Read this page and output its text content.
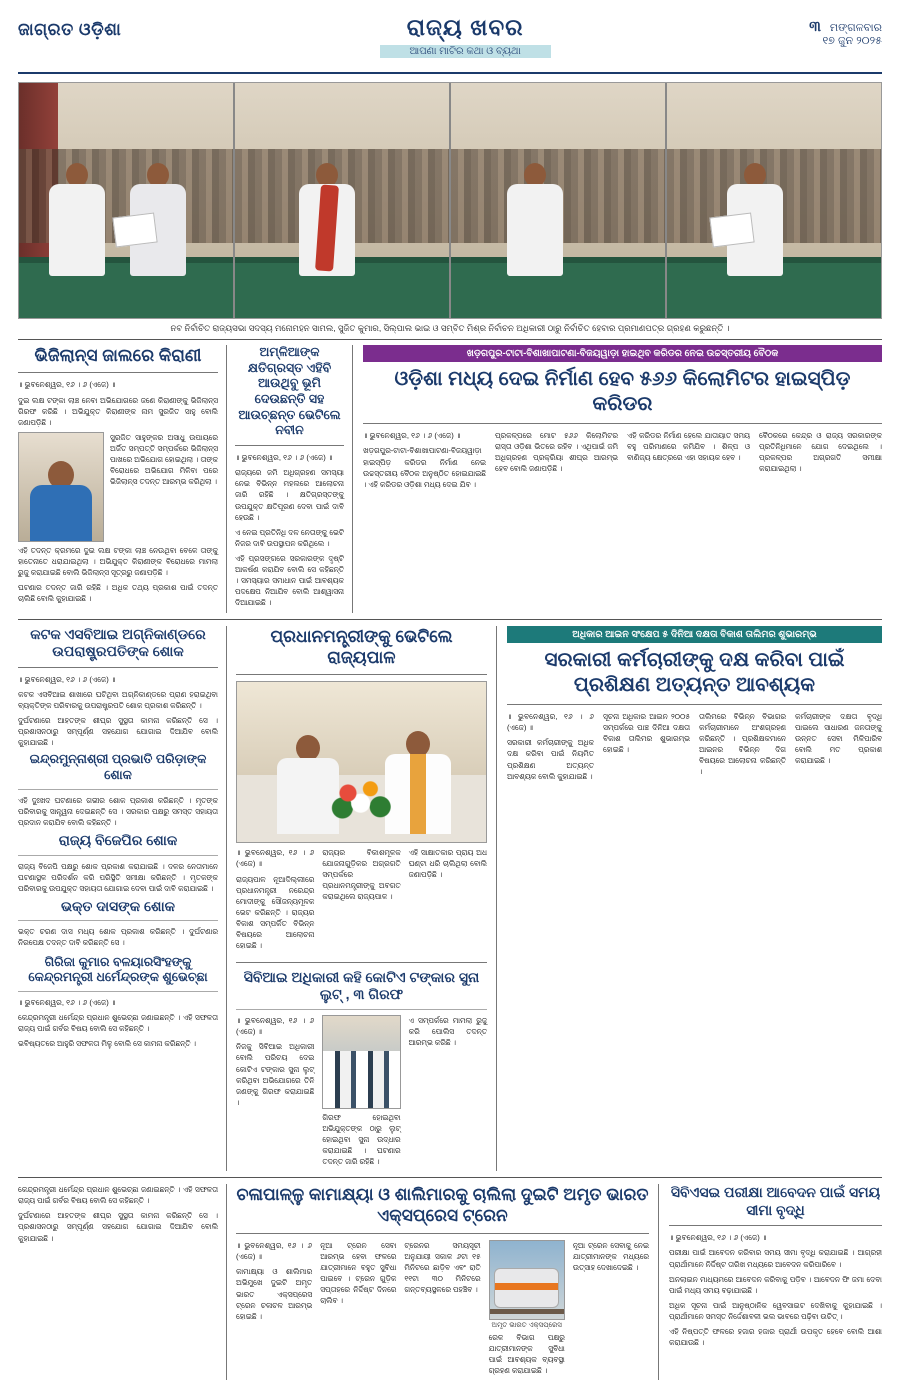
ଜାଗ୍ରତ ଓଡ଼ିଶା	ରାଜ୍ୟ ଖବର
ଆପଣା ମାଟିର କଥା ଓ ବ୍ୟଥା
୩ ମଙ୍ଗଳବାର
୧୭ ଜୁନ ୨୦୨୫
ନବ ନିର୍ବାଚିତ ରାଜ୍ୟସଭା ସଦସ୍ୟ ମନୋମହନ ସାମଲ, ସୁଜିତ କୁମାର, ସିଲ୍ପାଲ ଭାଇ ଓ ସମ୍ବିତ ମିଶ୍ର ନିର୍ବାଚନ ଅଧିକାରୀ ଠାରୁ ନିର୍ବାଚିତ ହେବାର ପ୍ରମାଣପତ୍ର ଗ୍ରହଣ କରୁଛନ୍ତି ।
ଭିଜିଲାନ୍ସ ଜାଲରେ କିରାଣୀ

॥ ଭୁବନେଶ୍ୱର, ୧୬ । ୬ (ଏଜେ) ॥

ଦୁଇ ଲକ୍ଷ ଟଙ୍କା ଲାଞ୍ଚ ନେବା ଅଭିଯୋଗରେ ଜଣେ କିରାଣୀଙ୍କୁ ଭିଜିଲାନ୍ସ ଗିରଫ କରିଛି । ଅଭିଯୁକ୍ତ କିରାଣୀଙ୍କ ନାମ ସୁରଜିତ ସାହୁ ବୋଲି ଜଣାପଡ଼ିଛି ।

ସୁରଜିତ ସାହୁଙ୍କର ଅସାଧୁ ଉପାୟରେ ଅର୍ଜିତ ସମ୍ପତ୍ତି ସମ୍ପର୍କରେ ଭିଜିଲାନ୍ସ ପାଖରେ ଅଭିଯୋଗ ହୋଇଥିଲା । ତାଙ୍କ ବିରୋଧରେ ଅଭିଯୋଗ ମିଳିବା ପରେ ଭିଜିଲାନ୍ସ ତଦନ୍ତ ଆରମ୍ଭ କରିଥିଲା ।

ଏହି ତଦନ୍ତ କ୍ରମରେ ଦୁଇ ଲକ୍ଷ ଟଙ୍କା ଲାଞ୍ଚ ନେଉଥିବା ବେଳେ ତାଙ୍କୁ ହାତେନାତେ ଧରାଯାଇଥିଲା । ଅଭିଯୁକ୍ତ କିରାଣୀଙ୍କ ବିରୋଧରେ ମାମଲା ରୁଜୁ କରାଯାଇଛି ବୋଲି ଭିଜିଲାନ୍ସ ସୂତ୍ରରୁ ଜଣାପଡ଼ିଛି ।

ଘଟଣାର ତଦନ୍ତ ଜାରି ରହିଛି । ଅଧିକ ତଥ୍ୟ ପ୍ରକାଶ ପାଇଁ ତଦନ୍ତ ଚାଲିଛି ବୋଲି କୁହାଯାଇଛି ।

ଅମ୍ଳିଆଙ୍କ କ୍ଷତିଗ୍ରସ୍ତ ଏହିବି ଆଉଥିବୁ ଭୂମି ଦେଉଛନ୍ତି ସହ ଆଉଚ୍ଛନ୍ତ ଭେଟିଲେ ନବୀନ

॥ ଭୁବନେଶ୍ୱର, ୧୬ । ୬ (ଏଜେ) ॥

ରାଜ୍ୟରେ ଜମି ଅଧିଗ୍ରହଣ ସମସ୍ୟା ନେଇ ବିଭିନ୍ନ ମହଲରେ ଆଲୋଚନା ଜାରି ରହିଛି । କ୍ଷତିଗ୍ରସ୍ତଙ୍କୁ ଉପଯୁକ୍ତ କ୍ଷତିପୂରଣ ଦେବା ପାଇଁ ଦାବି ହେଉଛି ।

ଏ ନେଇ ପ୍ରତିନିଧି ଦଳ ନେତାଙ୍କୁ ଭେଟି ନିଜର ଦାବି ଉପସ୍ଥାପନ କରିଥିଲେ ।

ଏହି ପ୍ରସଙ୍ଗରେ ସରକାରଙ୍କ ଦୃଷ୍ଟି ଆକର୍ଷଣ କରାଯିବ ବୋଲି ସେ କହିଛନ୍ତି । ସମସ୍ୟାର ସମାଧାନ ପାଇଁ ଆବଶ୍ୟକ ପଦକ୍ଷେପ ନିଆଯିବ ବୋଲି ଆଶ୍ୱାସନା ଦିଆଯାଇଛି ।

ଖଡ଼ଗପୁର-ଟାଟା-ବିଶାଖାପାଟଣା-ବିଜୟୱାଡ଼ା ହାଇଥିବ କରିଡର ନେଇ ଉଚ୍ଚସ୍ତରୀୟ ବୈଠକ
ଓଡ଼ିଶା ମଧ୍ୟ ଦେଇ ନିର୍ମାଣ ହେବ ୫୬୬ କିଲୋମିଟର ହାଇସ୍ପିଡ଼ କରିଡର

॥ ଭୁବନେଶ୍ୱର, ୧୬ । ୬ (ଏଜେ) ॥

ଖଡ଼ଗପୁର-ଟାଟା-ବିଶାଖାପାଟଣା-ବିଜୟୱାଡ଼ା ହାଇସ୍ପିଡ଼ କରିଡର ନିର୍ମାଣ ନେଇ ଉଚ୍ଚସ୍ତରୀୟ ବୈଠକ ଅନୁଷ୍ଠିତ ହୋଇଯାଇଛି । ଏହି କରିଡର ଓଡ଼ିଶା ମଧ୍ୟ ଦେଇ ଯିବ ।

ପ୍ରକଳ୍ପରେ ମୋଟ ୫୬୬ କିଲୋମିଟର ରାସ୍ତା ଓଡ଼ିଶା ଭିତରେ ରହିବ । ଏଥିପାଇଁ ଜମି ଅଧିଗ୍ରହଣ ପ୍ରକ୍ରିୟା ଶୀଘ୍ର ଆରମ୍ଭ ହେବ ବୋଲି ଜଣାପଡ଼ିଛି ।

ଏହି କରିଡର ନିର୍ମାଣ ହେଲେ ଯାତାୟାତ ସମୟ ବହୁ ପରିମାଣରେ କମିଯିବ । ଶିଳ୍ପ ଓ ବାଣିଜ୍ୟ କ୍ଷେତ୍ରରେ ଏହା ସହାୟକ ହେବ ।

ବୈଠକରେ କେନ୍ଦ୍ର ଓ ରାଜ୍ୟ ସରକାରଙ୍କ ପ୍ରତିନିଧିମାନେ ଯୋଗ ଦେଇଥିଲେ । ପ୍ରକଳ୍ପର ଅଗ୍ରଗତି ସମୀକ୍ଷା କରାଯାଇଥିଲା ।

କଟକ ଏସବିଆଇ ଅଗ୍ନିକାଣ୍ଡରେ ଉପରାଷ୍ଟ୍ରପତିଙ୍କ ଶୋକ

॥ ଭୁବନେଶ୍ୱର, ୧୬ । ୬ (ଏଜେ) ॥

କଟକ ଏସବିଆଇ ଶାଖାରେ ଘଟିଥିବା ଅଗ୍ନିକାଣ୍ଡରେ ପ୍ରାଣ ହରାଇଥିବା ବ୍ୟକ୍ତିଙ୍କ ପରିବାରକୁ ଉପରାଷ୍ଟ୍ରପତି ଶୋକ ପ୍ରକାଶ କରିଛନ୍ତି ।

ଦୁର୍ଘଟଣାରେ ଆହତଙ୍କ ଶୀଘ୍ର ସୁସ୍ଥତା କାମନା କରିଛନ୍ତି ସେ । ପ୍ରଶାସନଠାରୁ ସମ୍ପୂର୍ଣ୍ଣ ସହଯୋଗ ଯୋଗାଇ ଦିଆଯିବ ବୋଲି କୁହାଯାଇଛି ।

ଇନ୍ଦ୍ରମୁନ୍ନାଶ୍ରୀ ପ୍ରଭାତି ପରିଡ଼ାଙ୍କ ଶୋକ

ଏହି ଦୁଃଖଦ ଘଟଣାରେ ଗଭୀର ଶୋକ ପ୍ରକାଶ କରିଛନ୍ତି । ମୃତଙ୍କ ପରିବାରକୁ ସାନ୍ତ୍ୱନା ଦେଇଛନ୍ତି ସେ । ସରକାର ପକ୍ଷରୁ ସମସ୍ତ ସହାୟତା ପ୍ରଦାନ କରାଯିବ ବୋଲି କହିଛନ୍ତି ।

ରାଜ୍ୟ ବିଜେପିର ଶୋକ

ରାଜ୍ୟ ବିଜେପି ପକ୍ଷରୁ ଶୋକ ପ୍ରକାଶ କରାଯାଇଛି । ଦଳର ନେତାମାନେ ଘଟଣାସ୍ଥଳ ପରିଦର୍ଶନ କରି ପରିସ୍ଥିତି ସମୀକ୍ଷା କରିଛନ୍ତି । ମୃତକଙ୍କ ପରିବାରକୁ ଉପଯୁକ୍ତ ସହାୟତା ଯୋଗାଇ ଦେବା ପାଇଁ ଦାବି କରାଯାଇଛି ।

ଭକ୍ତ ଦାସଙ୍କ ଶୋକ

ଭକ୍ତ ଚରଣ ଦାସ ମଧ୍ୟ ଶୋକ ପ୍ରକାଶ କରିଛନ୍ତି । ଦୁର୍ଘଟଣାର ନିରପେକ୍ଷ ତଦନ୍ତ ଦାବି କରିଛନ୍ତି ସେ ।

ଗିରିଜା କୁମାର ବଳୟାରସିଂହଙ୍କୁ କେନ୍ଦ୍ରମନ୍ତ୍ରୀ ଧର୍ମେନ୍ଦ୍ରଙ୍କ ଶୁଭେଚ୍ଛା

॥ ଭୁବନେଶ୍ୱର, ୧୬ । ୬ (ଏଜେ) ॥

କେନ୍ଦ୍ରମନ୍ତ୍ରୀ ଧର୍ମେନ୍ଦ୍ର ପ୍ରଧାନ ଶୁଭେଚ୍ଛା ଜଣାଇଛନ୍ତି । ଏହି ସଫଳତା ରାଜ୍ୟ ପାଇଁ ଗର୍ବର ବିଷୟ ବୋଲି ସେ କହିଛନ୍ତି ।

ଭବିଷ୍ୟତରେ ଆହୁରି ସଫଳତା ମିଳୁ ବୋଲି ସେ କାମନା କରିଛନ୍ତି ।

ପ୍ରଧାନମନ୍ତ୍ରୀଙ୍କୁ ଭେଟିଲେ ରାଜ୍ୟପାଳ

॥ ଭୁବନେଶ୍ୱର, ୧୬ । ୬ (ଏଜେ) ॥

ରାଜ୍ୟପାଳ ନୂଆଦିଲ୍ଲୀରେ ପ୍ରଧାନମନ୍ତ୍ରୀ ନରେନ୍ଦ୍ର ମୋଦୀଙ୍କୁ ସୌଜନ୍ୟମୂଳକ ଭେଟ କରିଛନ୍ତି । ରାଜ୍ୟର ବିକାଶ ସମ୍ପର୍କିତ ବିଭିନ୍ନ ବିଷୟରେ ଆଲୋଚନା ହୋଇଛି ।

ରାଜ୍ୟର ବିକାଶମୂଳକ ଯୋଜନାଗୁଡ଼ିକର ଅଗ୍ରଗତି ସମ୍ପର୍କରେ ପ୍ରଧାନମନ୍ତ୍ରୀଙ୍କୁ ଅବଗତ କରାଇଥିଲେ ରାଜ୍ୟପାଳ ।

ଏହି ସାକ୍ଷାତକାର ପ୍ରାୟ ଅଧ ଘଣ୍ଟା ଧରି ଚାଲିଥିଲା ବୋଲି ଜଣାପଡ଼ିଛି ।

ସିବିଆଇ ଅଧିକାରୀ କହି କୋଟିଏ ଟଙ୍କାର ସୁନା ଲୁଟ୍ , ୩ ଗିରଫ

॥ ଭୁବନେଶ୍ୱର, ୧୬ । ୬ (ଏଜେ) ॥

ନିଜକୁ ସିବିଆଇ ଅଧିକାରୀ ବୋଲି ପରିଚୟ ଦେଇ କୋଟିଏ ଟଙ୍କାର ସୁନା ଲୁଟ୍ କରିଥିବା ଅଭିଯୋଗରେ ତିନି ଜଣଙ୍କୁ ଗିରଫ କରାଯାଇଛି ।

ଗିରଫ ହୋଇଥିବା ଅଭିଯୁକ୍ତଙ୍କ ଠାରୁ ଲୁଟ୍ ହୋଇଥିବା ସୁନା ଉଦ୍ଧାର କରାଯାଇଛି । ଘଟଣାର ତଦନ୍ତ ଜାରି ରହିଛି ।

ଏ ସମ୍ପର୍କରେ ମାମଲା ରୁଜୁ କରି ପୋଲିସ ତଦନ୍ତ ଆରମ୍ଭ କରିଛି ।

ଅଧିକାର ଆଇନ ସଂକ୍ଷେପ ୫ ଦିନିଆ ଦକ୍ଷତା ବିକାଶ ତାଲିମର ଶୁଭାରମ୍ଭ
ସରକାରୀ କର୍ମଚାରୀଙ୍କୁ ଦକ୍ଷ କରିବା ପାଇଁ ପ୍ରଶିକ୍ଷଣ ଅତ୍ୟନ୍ତ ଆବଶ୍ୟକ

॥ ଭୁବନେଶ୍ୱର, ୧୬ । ୬ (ଏଜେ) ॥

ସରକାରୀ କର୍ମଚାରୀଙ୍କୁ ଅଧିକ ଦକ୍ଷ କରିବା ପାଇଁ ନିୟମିତ ପ୍ରଶିକ୍ଷଣ ଅତ୍ୟନ୍ତ ଆବଶ୍ୟକ ବୋଲି କୁହାଯାଇଛି ।

ସୂଚନା ଅଧିକାର ଆଇନ ୨୦୦୫ ସମ୍ପର୍କରେ ପାଞ୍ଚ ଦିନିଆ ଦକ୍ଷତା ବିକାଶ ତାଲିମର ଶୁଭାରମ୍ଭ ହୋଇଛି ।

ତାଲିମରେ ବିଭିନ୍ନ ବିଭାଗର କର୍ମଚାରୀମାନେ ଅଂଶଗ୍ରହଣ କରିଛନ୍ତି । ପ୍ରଶିକ୍ଷକମାନେ ଆଇନର ବିଭିନ୍ନ ଦିଗ ବିଷୟରେ ଆଲୋଚନା କରିଛନ୍ତି ।

କର୍ମଚାରୀଙ୍କ ଦକ୍ଷତା ବୃଦ୍ଧି ପାଇଲେ ସାଧାରଣ ଜନତାଙ୍କୁ ଉନ୍ନତ ସେବା ମିଳିପାରିବ ବୋଲି ମତ ପ୍ରକାଶ କରାଯାଇଛି ।

କେନ୍ଦ୍ରମନ୍ତ୍ରୀ ଧର୍ମେନ୍ଦ୍ର ପ୍ରଧାନ ଶୁଭେଚ୍ଛା ଜଣାଇଛନ୍ତି । ଏହି ସଫଳତା ରାଜ୍ୟ ପାଇଁ ଗର୍ବର ବିଷୟ ବୋଲି ସେ କହିଛନ୍ତି ।

ଦୁର୍ଘଟଣାରେ ଆହତଙ୍କ ଶୀଘ୍ର ସୁସ୍ଥତା କାମନା କରିଛନ୍ତି ସେ । ପ୍ରଶାସନଠାରୁ ସମ୍ପୂର୍ଣ୍ଣ ସହଯୋଗ ଯୋଗାଇ ଦିଆଯିବ ବୋଲି କୁହାଯାଇଛି ।

ଚଳାପାଳ୍ଳୁ କାମାକ୍ଷ୍ୟା ଓ ଶାଲିମାରକୁ ଚାଲିଲା ଦୁଇଟି ଅମୃତ ଭାରତ ଏକ୍ସପ୍ରେସ ଟ୍ରେନ

॥ ଭୁବନେଶ୍ୱର, ୧୬ । ୬ (ଏଜେ) ॥

କାମାକ୍ଷ୍ୟା ଓ ଶାଲିମାର ଅଭିମୁଖେ ଦୁଇଟି ଅମୃତ ଭାରତ ଏକ୍ସପ୍ରେସ ଟ୍ରେନ ଚଳାଚଳ ଆରମ୍ଭ ହୋଇଛି ।

ନୂଆ ଟ୍ରେନ ସେବା ଆରମ୍ଭ ହେବା ଫଳରେ ଯାତ୍ରୀମାନେ ବହୁତ ସୁବିଧା ପାଇବେ । ଟ୍ରେନ ଗୁଡ଼ିକ ସପ୍ତାହରେ ନିର୍ଦ୍ଦିଷ୍ଟ ଦିନରେ ଚାଲିବ ।

ଟ୍ରେନର ସମୟସୂଚୀ ଅନୁଯାୟୀ ସକାଳ ୬ଟା ୧୫ ମିନିଟରେ ଛାଡ଼ିବ ଏବଂ ରାତି ୧୧ଟା ୩୦ ମିନିଟରେ ଗନ୍ତବ୍ୟସ୍ଥଳରେ ପହଞ୍ଚିବ ।

ଅମୃତ ଭାରତ ଏକ୍ସପ୍ରେସ

ରେଳ ବିଭାଗ ପକ୍ଷରୁ ଯାତ୍ରୀମାନଙ୍କ ସୁବିଧା ପାଇଁ ଆବଶ୍ୟକ ବ୍ୟବସ୍ଥା ଗ୍ରହଣ କରାଯାଇଛି ।

ନୂଆ ଟ୍ରେନ ସେବାକୁ ନେଇ ଯାତ୍ରୀମାନଙ୍କ ମଧ୍ୟରେ ଉତ୍ସାହ ଦେଖାଦେଇଛି ।

ସିବିଏସଇ ପରୀକ୍ଷା ଆବେଦନ ପାଇଁ ସମୟ ସୀମା ବୃଦ୍ଧି

॥ ଭୁବନେଶ୍ୱର, ୧୬ । ୬ (ଏଜେ) ॥

ପରୀକ୍ଷା ପାଇଁ ଆବେଦନ କରିବାର ସମୟ ସୀମା ବୃଦ୍ଧି କରାଯାଇଛି । ଆଗ୍ରହୀ ପ୍ରାର୍ଥୀମାନେ ନିର୍ଦ୍ଦିଷ୍ଟ ତାରିଖ ମଧ୍ୟରେ ଆବେଦନ କରିପାରିବେ ।

ଅନଲାଇନ ମାଧ୍ୟମରେ ଆବେଦନ କରିବାକୁ ପଡ଼ିବ । ଆବେଦନ ଫି ଜମା ଦେବା ପାଇଁ ମଧ୍ୟ ସମୟ ବଢ଼ାଯାଇଛି ।

ଅଧିକ ସୂଚନା ପାଇଁ ଆନୁଷ୍ଠାନିକ ୱେବସାଇଟ ଦେଖିବାକୁ କୁହାଯାଇଛି । ପ୍ରାର୍ଥୀମାନେ ସମସ୍ତ ନିର୍ଦ୍ଦେଶାବଳୀ ଭଲ ଭାବରେ ପଢ଼ିବା ଉଚିତ୍ ।

ଏହି ନିଷ୍ପତ୍ତି ଫଳରେ ହଜାର ହଜାର ପ୍ରାର୍ଥୀ ଉପକୃତ ହେବେ ବୋଲି ଆଶା କରାଯାଉଛି ।
